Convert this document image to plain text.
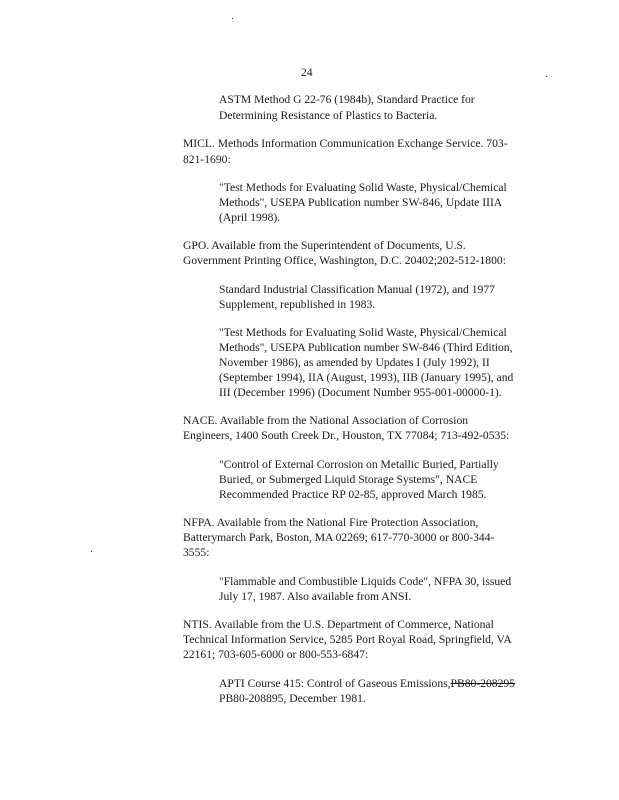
24
ASTM Method G 22-76 (1984b), Standard Practice for
Determining Resistance of Plastics to Bacteria.
MICL. Methods Information Communication Exchange Service. 703-
821-1690:
"Test Methods for Evaluating Solid Waste, Physical/Chemical
Methods", USEPA Publication number SW-846, Update IIIA
(April 1998).
GPO. Available from the Superintendent of Documents, U.S.
Government Printing Office, Washington, D.C. 20402;202-512-1800:
Standard Industrial Classification Manual (1972), and 1977
Supplement, republished in 1983.
"Test Methods for Evaluating Solid Waste, Physical/Chemical
Methods", USEPA Publication number SW-846 (Third Edition,
November 1986), as amended by Updates I (July 1992), II
(September 1994), IIA (August, 1993), IIB (January 1995), and
III (December 1996) (Document Number 955-001-00000-1).
NACE. Available from the National Association of Corrosion
Engineers, 1400 South Creek Dr., Houston, TX 77084; 713-492-0535:
"Control of External Corrosion on Metallic Buried, Partially
Buried, or Submerged Liquid Storage Systems", NACE
Recommended Practice RP 02-85, approved March 1985.
NFPA. Available from the National Fire Protection Association,
Batterymarch Park, Boston, MA 02269; 617-770-3000 or 800-344-
3555:
"Flammable and Combustible Liquids Code", NFPA 30, issued
July 17, 1987. Also available from ANSI.
NTIS. Available from the U.S. Department of Commerce, National
Technical Information Service, 5285 Port Royal Road, Springfield, VA
22161; 703-605-6000 or 800-553-6847:
APTI Course 415: Control of Gaseous Emissions,PB80-208295
PB80-208895, December 1981.
